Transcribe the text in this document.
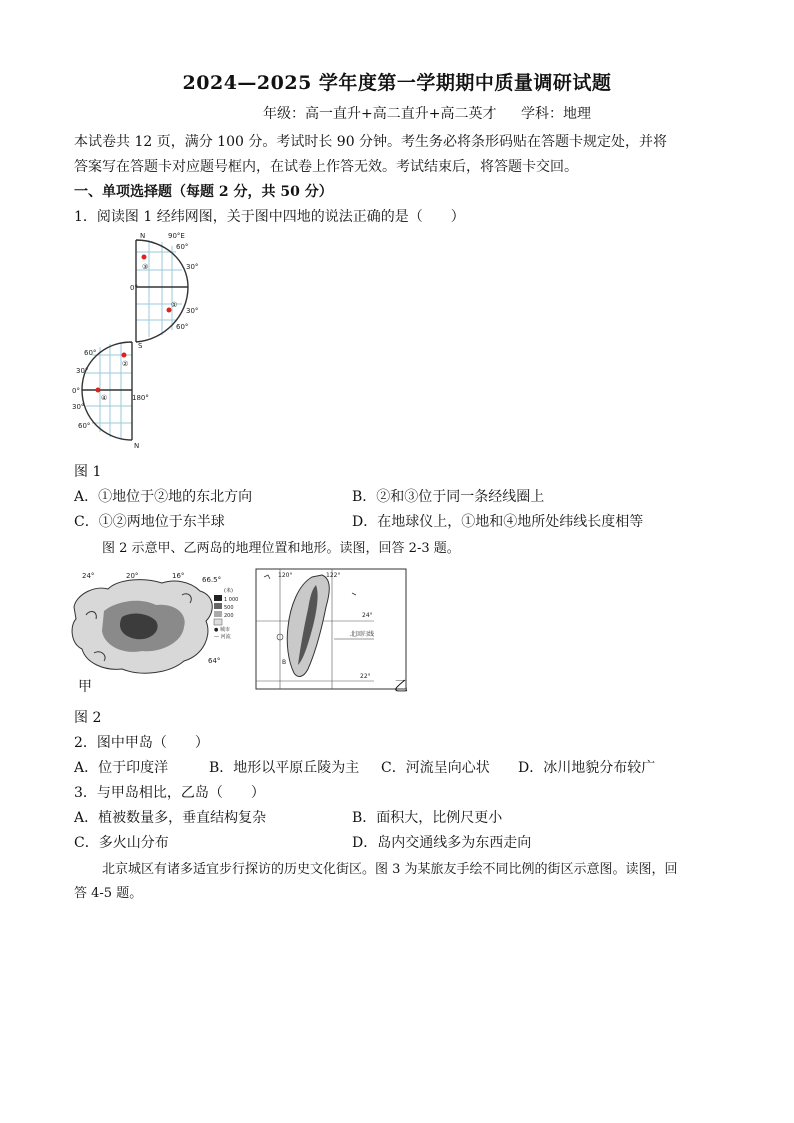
2024—2025 学年度第一学期期中质量调研试题
年级：高一直升+高二直升+高二英才 学科：地理
本试卷共 12 页，满分 100 分。考试时长 90 分钟。考生务必将条形码贴在答题卡规定处，并将
答案写在答题卡对应题号框内，在试卷上作答无效。考试结束后，将答题卡交回。
一、单项选择题（每题 2 分，共 50 分）
1．阅读图 1 经纬网图，关于图中四地的说法正确的是（　　）
N	90°E
60°
30°
0°
30°
60°
S
60°
30°
0°
30°
60°
180°
N
③
①
②
④
图 1
A．①地位于②地的东北方向	B．②和③位于同一条经线圈上
C．①②两地位于东半球	D．在地球仪上，①地和④地所处纬线长度相等
图 2 示意甲、乙两岛的地理位置和地形。读图，回答 2-3 题。
24°	20°	16°	66.5°
64°
(米)
1 000
500
200
● 城市
— 河流
120°	122°
24°
北回归线
22°
B
甲	乙
图 2
2．图中甲岛（　　）
A．位于印度洋	B．地形以平原丘陵为主 C．河流呈向心状 D．冰川地貌分布较广
3．与甲岛相比，乙岛（　　）
A．植被数量多，垂直结构复杂	B．面积大，比例尺更小
C．多火山分布	D．岛内交通线多为东西走向
北京城区有诸多适宜步行探访的历史文化街区。图 3 为某旅友手绘不同比例的街区示意图。读图，回
答 4-5 题。
